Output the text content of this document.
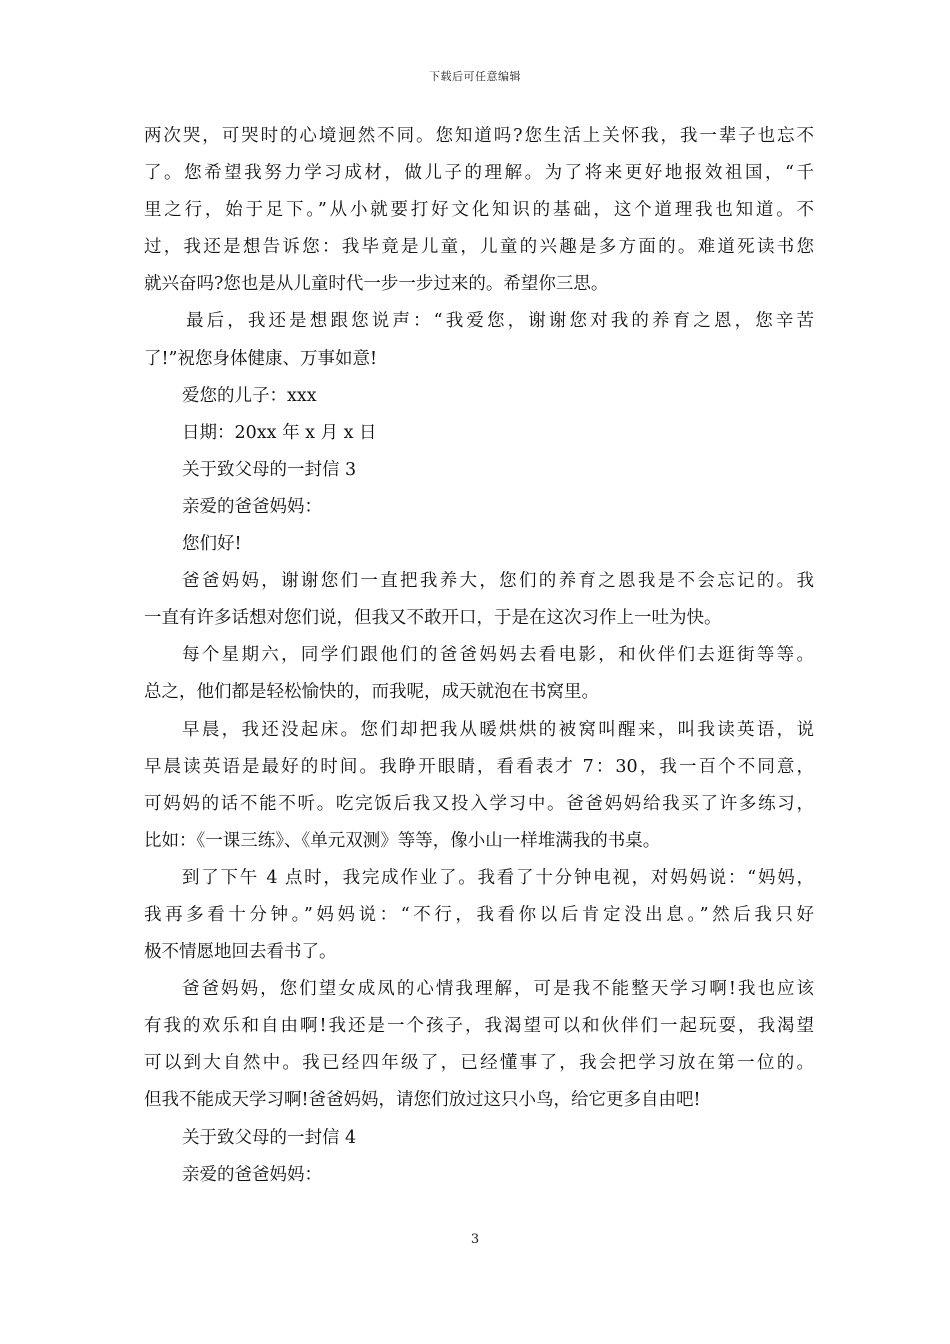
下载后可任意编辑
两次哭，可哭时的心境迥然不同。您知道吗?您生活上关怀我，我一辈子也忘不
了。您希望我努力学习成材，做儿子的理解。为了将来更好地报效祖国，“千
里之行，始于足下。”从小就要打好文化知识的基础，这个道理我也知道。不
过，我还是想告诉您：我毕竟是儿童，儿童的兴趣是多方面的。难道死读书您
就兴奋吗?您也是从儿童时代一步一步过来的。希望你三思。
最后，我还是想跟您说声：“我爱您，谢谢您对我的养育之恩，您辛苦
了!”祝您身体健康、万事如意!
爱您的儿子：xxx
日期：20xx 年 x 月 x 日
关于致父母的一封信 3
亲爱的爸爸妈妈：
您们好!
爸爸妈妈，谢谢您们一直把我养大，您们的养育之恩我是不会忘记的。我
一直有许多话想对您们说，但我又不敢开口，于是在这次习作上一吐为快。
每个星期六，同学们跟他们的爸爸妈妈去看电影，和伙伴们去逛街等等。
总之，他们都是轻松愉快的，而我呢，成天就泡在书窝里。
早晨，我还没起床。您们却把我从暖烘烘的被窝叫醒来，叫我读英语，说
早晨读英语是最好的时间。我睁开眼睛，看看表才 7：30，我一百个不同意，
可妈妈的话不能不听。吃完饭后我又投入学习中。爸爸妈妈给我买了许多练习，
比如：《一课三练》、《单元双测》等等，像小山一样堆满我的书桌。
到了下午 4 点时，我完成作业了。我看了十分钟电视，对妈妈说：“妈妈，
我再多看十分钟。”妈妈说：“不行，我看你以后肯定没出息。”然后我只好
极不情愿地回去看书了。
爸爸妈妈，您们望女成凤的心情我理解，可是我不能整天学习啊!我也应该
有我的欢乐和自由啊!我还是一个孩子，我渴望可以和伙伴们一起玩耍，我渴望
可以到大自然中。我已经四年级了，已经懂事了，我会把学习放在第一位的。
但我不能成天学习啊!爸爸妈妈，请您们放过这只小鸟，给它更多自由吧!
关于致父母的一封信 4
亲爱的爸爸妈妈：
3
